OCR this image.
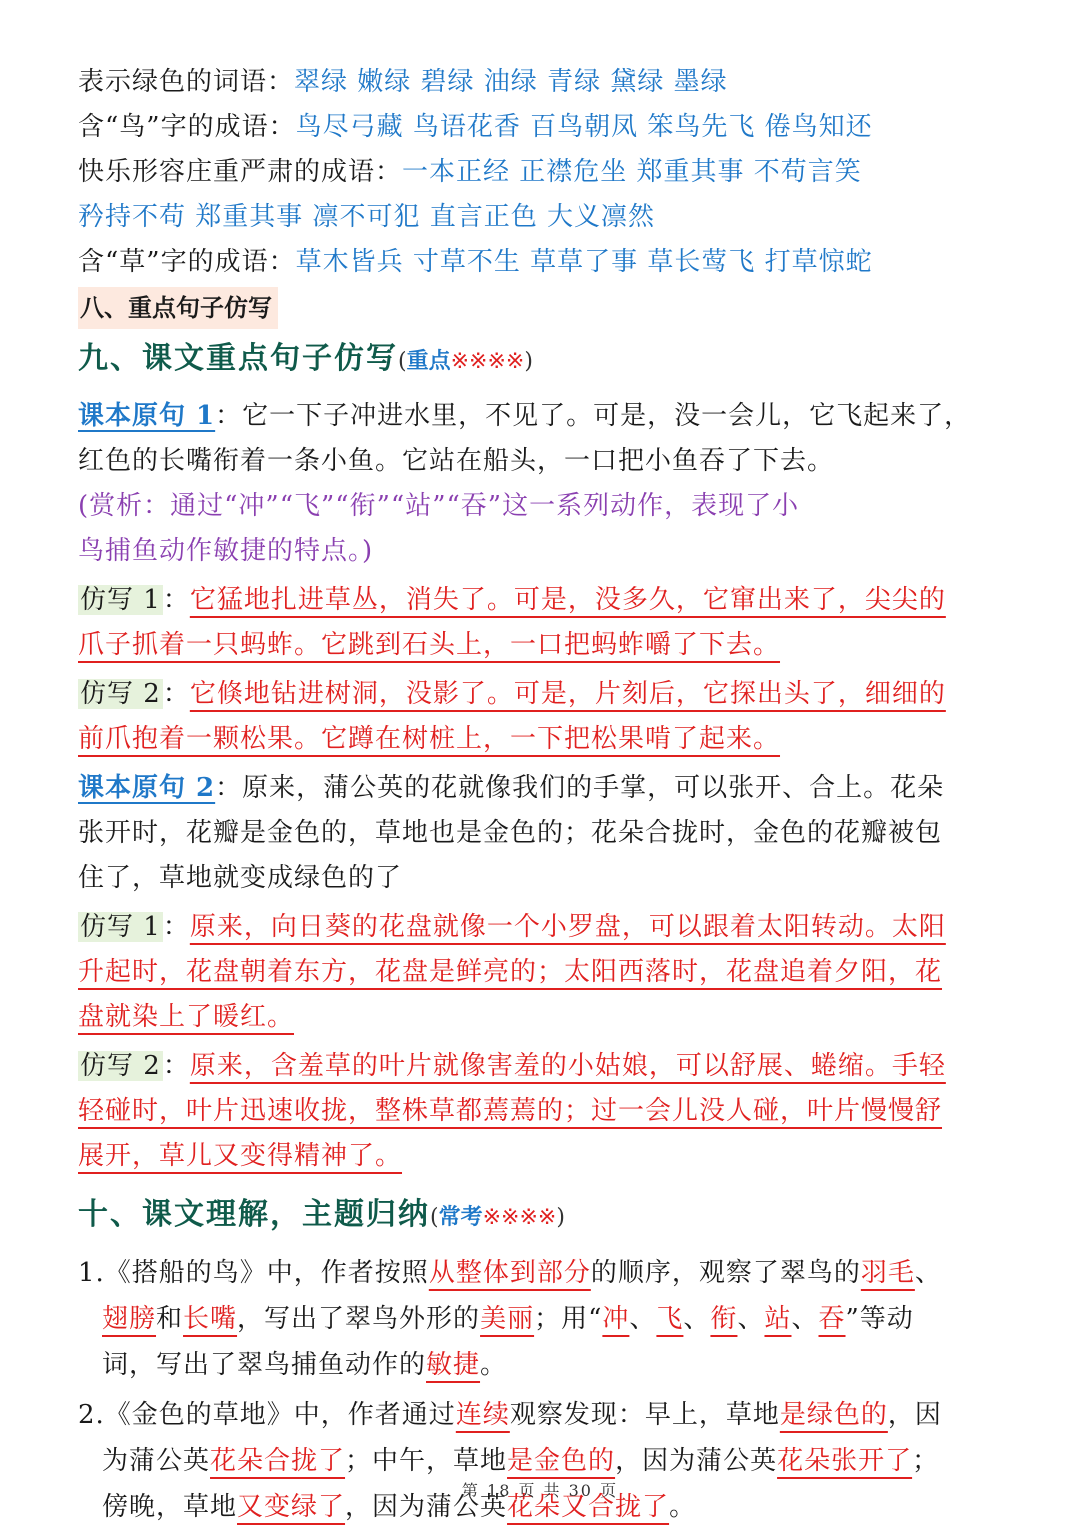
表示绿色的词语：翠绿 嫩绿 碧绿 油绿 青绿 黛绿 墨绿
含“鸟”字的成语：鸟尽弓藏 鸟语花香 百鸟朝凤 笨鸟先飞 倦鸟知还
快乐形容庄重严肃的成语：一本正经 正襟危坐 郑重其事 不苟言笑
矜持不苟 郑重其事 凛不可犯 直言正色 大义凛然
含“草”字的成语：草木皆兵 寸草不生 草草了事 草长莺飞 打草惊蛇
八、重点句子仿写
九、课文重点句子仿写(重点※※※※)
课本原句 1：它一下子冲进水里，不见了。可是，没一会儿，它飞起来了，
红色的长嘴衔着一条小鱼。它站在船头，一口把小鱼吞了下去。
(赏析：通过“冲”“飞”“衔”“站”“吞”这一系列动作，表现了小
鸟捕鱼动作敏捷的特点。)
仿写 1：它猛地扎进草丛，消失了。可是，没多久，它窜出来了，尖尖的
爪子抓着一只蚂蚱。它跳到石头上，一口把蚂蚱嚼了下去。
仿写 2：它倏地钻进树洞，没影了。可是，片刻后，它探出头了，细细的
前爪抱着一颗松果。它蹲在树桩上，一下把松果啃了起来。
课本原句 2：原来，蒲公英的花就像我们的手掌，可以张开、合上。花朵
张开时，花瓣是金色的，草地也是金色的；花朵合拢时，金色的花瓣被包
住了，草地就变成绿色的了
仿写 1：原来，向日葵的花盘就像一个小罗盘，可以跟着太阳转动。太阳
升起时，花盘朝着东方，花盘是鲜亮的；太阳西落时，花盘追着夕阳，花
盘就染上了暖红。
仿写 2：原来，含羞草的叶片就像害羞的小姑娘，可以舒展、蜷缩。手轻
轻碰时，叶片迅速收拢，整株草都蔫蔫的；过一会儿没人碰，叶片慢慢舒
展开，草儿又变得精神了。
十、课文理解，主题归纳(常考※※※※)
1.《搭船的鸟》中，作者按照从整体到部分的顺序，观察了翠鸟的羽毛、
翅膀和长嘴，写出了翠鸟外形的美丽；用“冲、飞、衔、站、吞”等动
词，写出了翠鸟捕鱼动作的敏捷。
2.《金色的草地》中，作者通过连续观察发现：早上，草地是绿色的，因
为蒲公英花朵合拢了；中午，草地是金色的，因为蒲公英花朵张开了；
傍晚，草地又变绿了，因为蒲公英花朵又合拢了。
第 18 页 共 30 页
